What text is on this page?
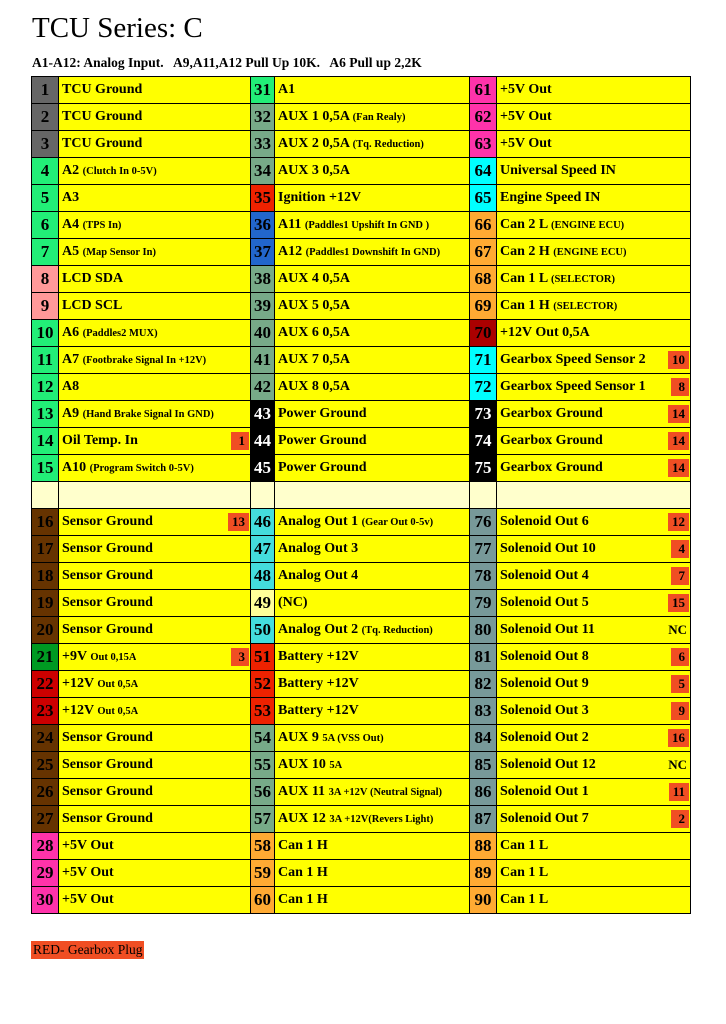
TCU Series: C

A1-A12: Analog Input.   A9,A11,A12 Pull Up 10K.   A6 Pull up 2,2K

1	TCU Ground	31	A1	61	+5V Out

2	TCU Ground	32	AUX 1 0,5A (Fan Realy)	62	+5V Out

3	TCU Ground	33	AUX 2 0,5A (Tq. Reduction)	63	+5V Out

4	A2 (Clutch In 0-5V)	34	AUX 3 0,5A	64	Universal Speed IN

5	A3	35	Ignition +12V	65	Engine Speed IN

6	A4 (TPS In)	36	A11 (Paddles1 Upshift In GND )	66	Can 2 L (ENGINE ECU)

7	A5 (Map Sensor In)	37	A12 (Paddles1 Downshift In GND)	67	Can 2 H (ENGINE ECU)

8	LCD SDA	38	AUX 4 0,5A	68	Can 1 L (SELECTOR)

9	LCD SCL	39	AUX 5 0,5A	69	Can 1 H (SELECTOR)

10	A6 (Paddles2 MUX)	40	AUX 6 0,5A	70	+12V Out 0,5A

11	A7 (Footbrake Signal In +12V)	41	AUX 7 0,5A	71	Gearbox Speed Sensor 2 10

12	A8	42	AUX 8 0,5A	72	Gearbox Speed Sensor 1 8

13	A9 (Hand Brake Signal In GND)	43	Power Ground	73	Gearbox Ground 14

14	Oil Temp. In 1	44	Power Ground	74	Gearbox Ground 14

15	A10 (Program Switch 0-5V)	45	Power Ground	75	Gearbox Ground 14

16	Sensor Ground 13	46	Analog Out 1 (Gear Out 0-5v)	76	Solenoid Out 6 12

17	Sensor Ground	47	Analog Out 3	77	Solenoid Out 10 4

18	Sensor Ground	48	Analog Out 4	78	Solenoid Out 4 7

19	Sensor Ground	49	(NC)	79	Solenoid Out 5 15

20	Sensor Ground	50	Analog Out 2 (Tq. Reduction)	80	Solenoid Out 11 NC

21	+9V Out 0,15A 3	51	Battery +12V	81	Solenoid Out 8 6

22	+12V Out 0,5A	52	Battery +12V	82	Solenoid Out 9 5

23	+12V Out 0,5A	53	Battery +12V	83	Solenoid Out 3 9

24	Sensor Ground	54	AUX 9 5A (VSS Out)	84	Solenoid Out 2 16

25	Sensor Ground	55	AUX 10 5A	85	Solenoid Out 12 NC

26	Sensor Ground	56	AUX 11 3A +12V (Neutral Signal)	86	Solenoid Out 1 11

27	Sensor Ground	57	AUX 12 3A +12V(Revers Light)	87	Solenoid Out 7 2

28	+5V Out	58	Can 1 H	88	Can 1 L

29	+5V Out	59	Can 1 H	89	Can 1 L

30	+5V Out	60	Can 1 H	90	Can 1 L
RED- Gearbox Plug
